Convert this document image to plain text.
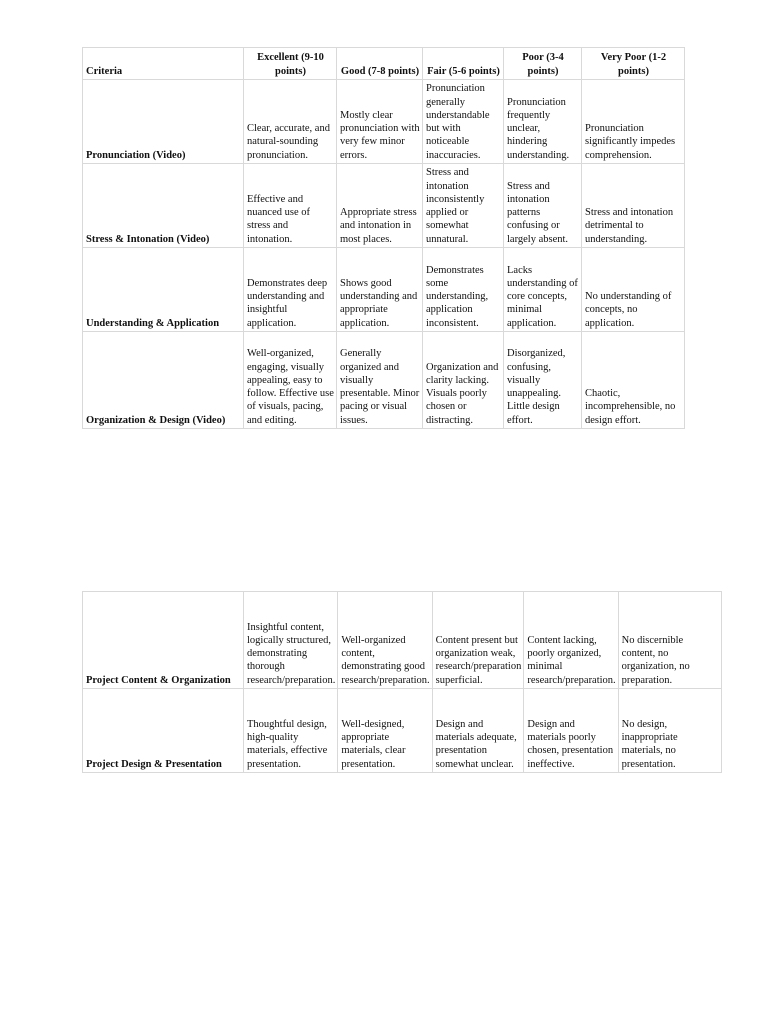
Criteria	Excellent (9-10 points)	Good (7-8 points)	Fair (5-6 points)	Poor (3-4 points)	Very Poor (1-2 points)
Pronunciation (Video)	Clear, accurate, and natural-sounding pronunciation.	Mostly clear pronunciation with very few minor errors.	Pronunciation generally understandable but with noticeable inaccuracies.	Pronunciation frequently unclear, hindering understanding.	Pronunciation significantly impedes comprehension.
Stress & Intonation (Video)	Effective and nuanced use of stress and intonation.	Appropriate stress and intonation in most places.	Stress and intonation inconsistently applied or somewhat unnatural.	Stress and intonation patterns confusing or largely absent.	Stress and intonation detrimental to understanding.
Understanding & Application	Demonstrates deep understanding and insightful application.	Shows good understanding and appropriate application.	Demonstrates some understanding, application inconsistent.	Lacks understanding of core concepts, minimal application.	No understanding of concepts, no application.
Organization & Design (Video)	Well-organized, engaging, visually appealing, easy to follow. Effective use of visuals, pacing, and editing.	Generally organized and visually presentable. Minor pacing or visual issues.	Organization and clarity lacking. Visuals poorly chosen or distracting.	Disorganized, confusing, visually unappealing. Little design effort.	Chaotic, incomprehensible, no design effort.
Project Content & Organization	Insightful content, logically structured, demonstrating thorough research/preparation.	Well-organized content, demonstrating good research/preparation.	Content present but organization weak, research/preparation superficial.	Content lacking, poorly organized, minimal research/preparation.	No discernible content, no organization, no preparation.
Project Design & Presentation	Thoughtful design, high-quality materials, effective presentation.	Well-designed, appropriate materials, clear presentation.	Design and materials adequate, presentation somewhat unclear.	Design and materials poorly chosen, presentation ineffective.	No design, inappropriate materials, no presentation.
